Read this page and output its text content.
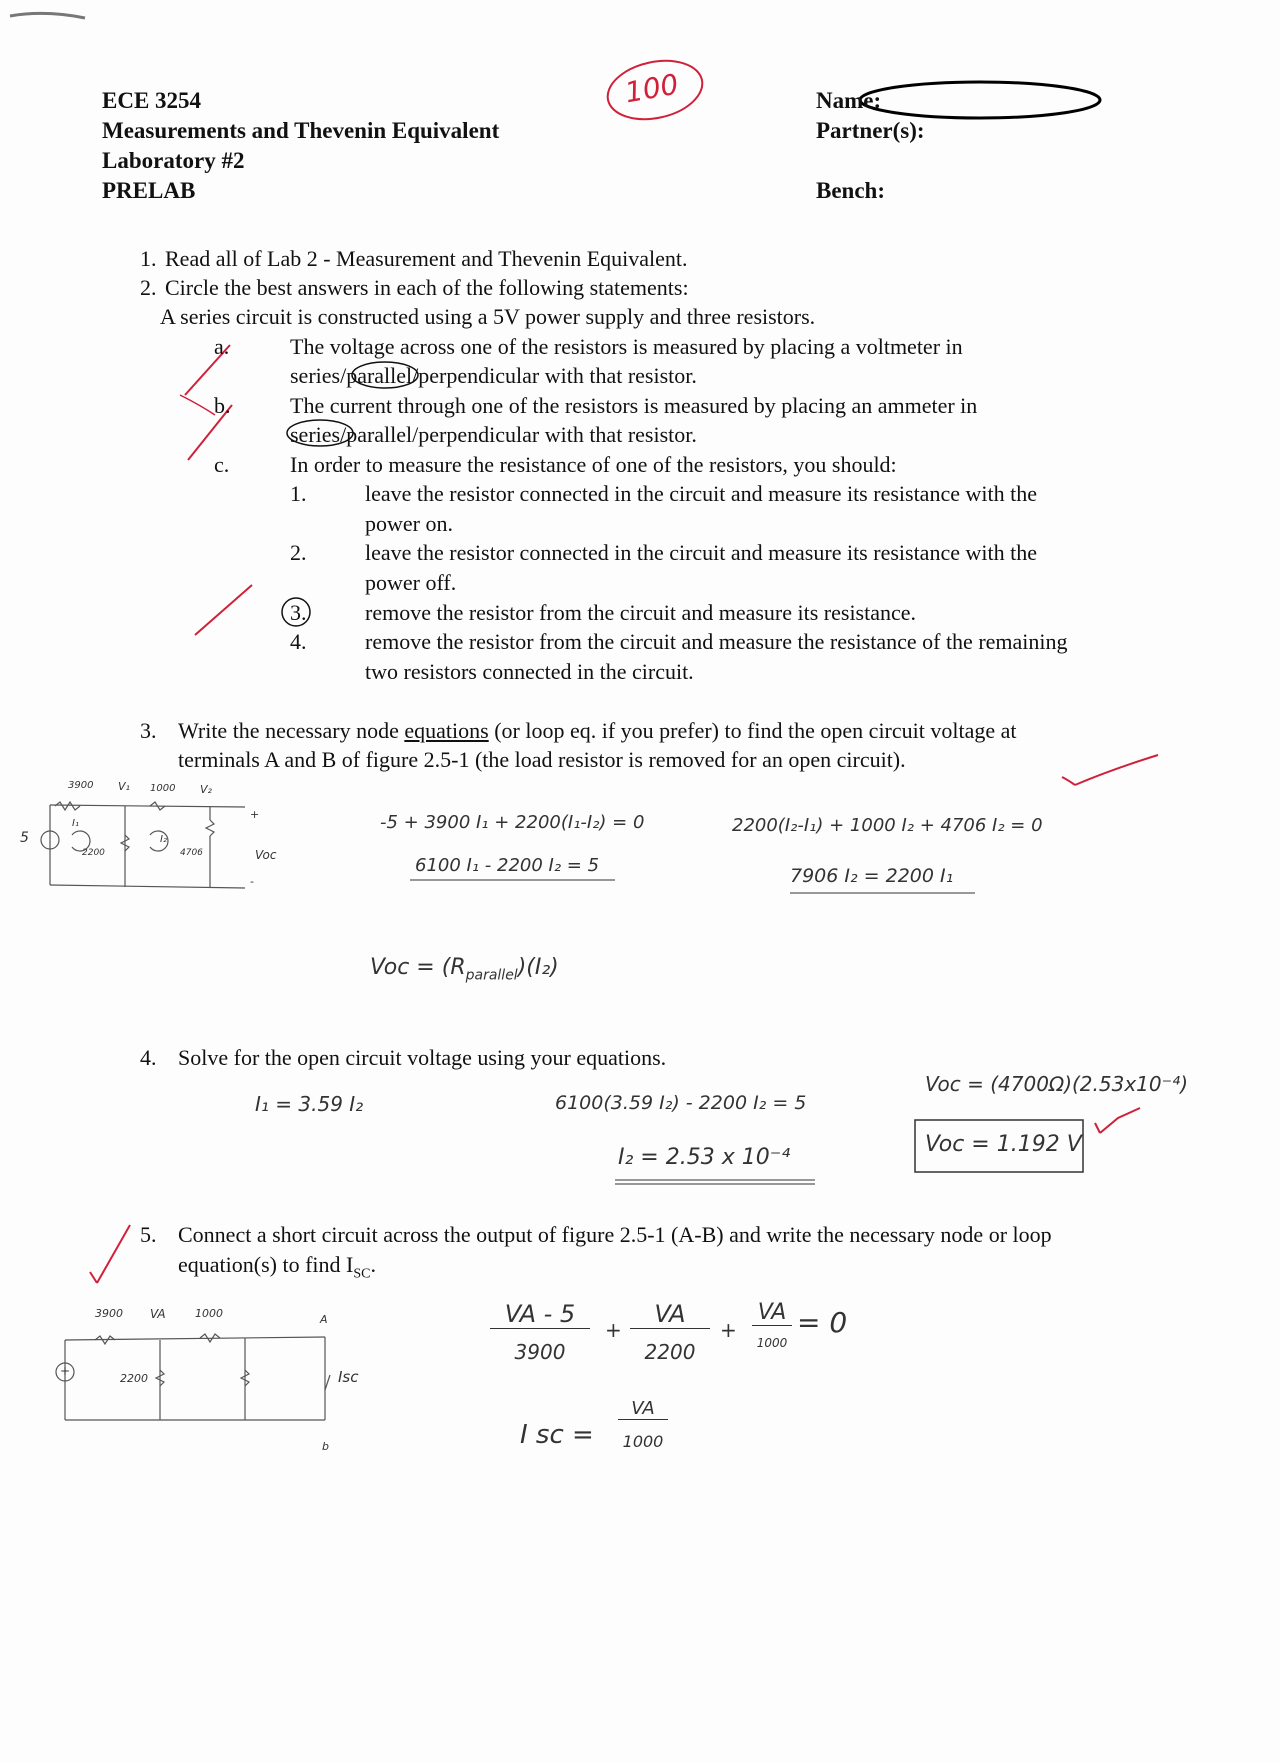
ECE 3254
Measurements and Thevenin Equivalent
Laboratory #2
PRELAB
Name:
Partner(s):
Bench:
100
1. Read all of Lab 2 - Measurement and Thevenin Equivalent.
2. Circle the best answers in each of the following statements:
A series circuit is constructed using a 5V power supply and three resistors.
a.	The voltage across one of the resistors is measured by placing a voltmeter in
series/parallel/perpendicular with that resistor.
b.	The current through one of the resistors is measured by placing an ammeter in
series/parallel/perpendicular with that resistor.
c.	In order to measure the resistance of one of the resistors, you should:
1.	leave the resistor connected in the circuit and measure its resistance with the
power on.
2.	leave the resistor connected in the circuit and measure its resistance with the
power off.
3.	remove the resistor from the circuit and measure its resistance.
4.	remove the resistor from the circuit and measure the resistance of the remaining
two resistors connected in the circuit.
3. Write the necessary node equations (or loop eq. if you prefer) to find the open circuit voltage at
terminals A and B of figure 2.5-1 (the load resistor is removed for an open circuit).
-5 + 3900 I₁ + 2200(I₁-I₂) = 0
6100 I₁ - 2200 I₂ = 5
2200(I₂-I₁) + 1000 I₂ + 4706 I₂ = 0
7906 I₂ = 2200 I₁
Voc = $(R_{parallel})(I_2)$
3900 V₁ 1000 V₂
5
I₁
2200
I₂
4706	Voc
+
-
4. Solve for the open circuit voltage using your equations.
I₁ = 3.59 I₂	6100(3.59 I₂) - 2200 I₂ = 5
I₂ = 2.53 x 10⁻⁴
Voc = (4700Ω)(2.53x10⁻⁴)
Voc = 1.192 V
5. Connect a short circuit across the output of figure 2.5-1 (A-B) and write the necessary node or loop
equation(s) to find $I_{SC}$.
VA - 5
3900
+
VA
2200
+
VA
1000
= 0
I sc =
VA
1000
3900 VA	1000
2200
A
b
Isc
+
